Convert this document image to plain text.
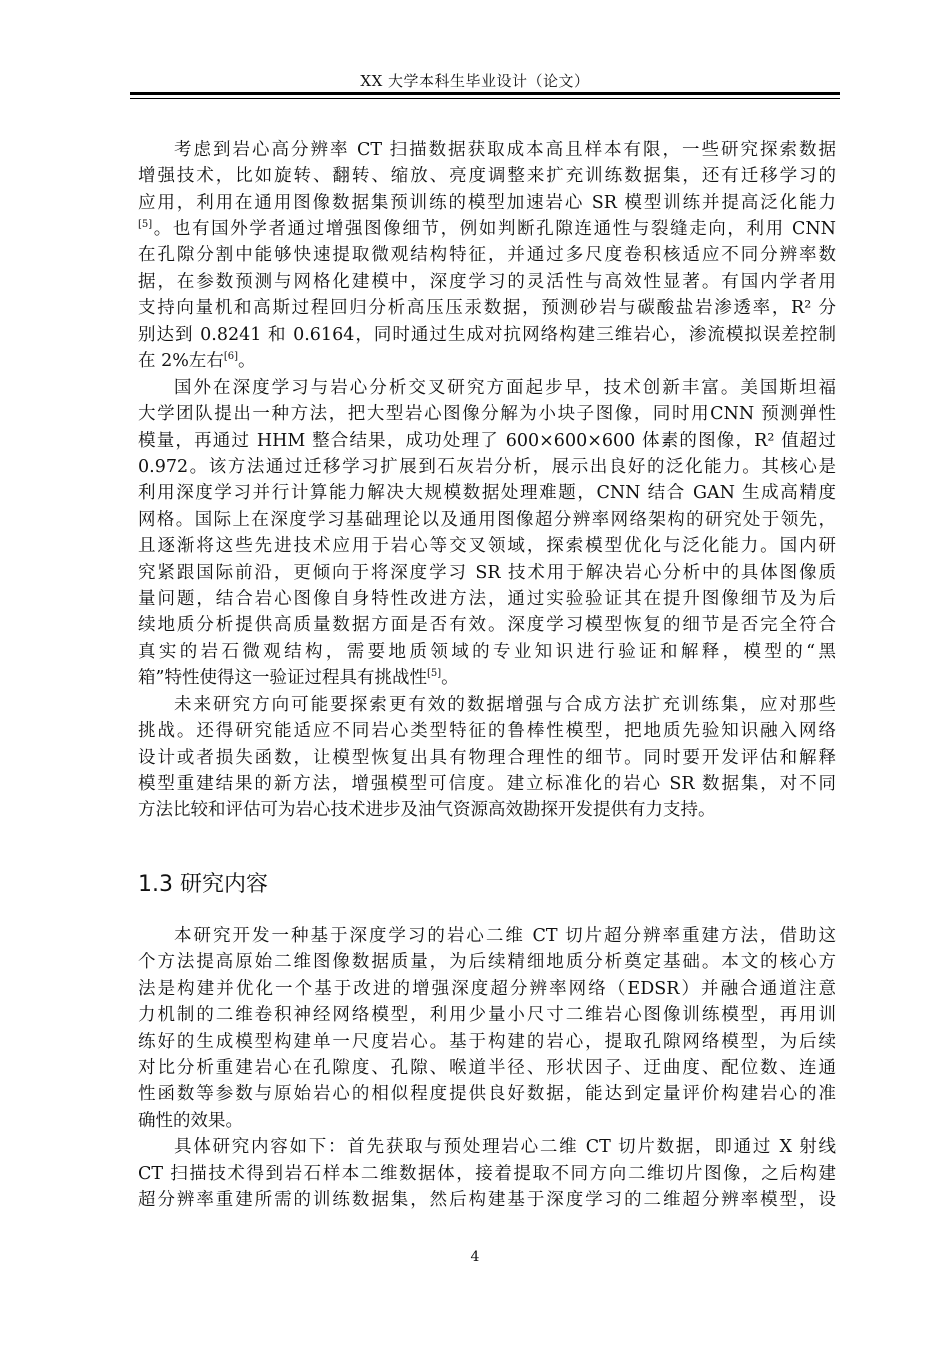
XX 大学本科生毕业设计（论文）
考虑到岩心高分辨率 CT 扫描数据获取成本高且样本有限，一些研究探索数据
增强技术，比如旋转、翻转、缩放、亮度调整来扩充训练数据集，还有迁移学习的
应用，利用在通用图像数据集预训练的模型加速岩心 SR 模型训练并提高泛化能力
[5]。也有国外学者通过增强图像细节，例如判断孔隙连通性与裂缝走向，利用 CNN
在孔隙分割中能够快速提取微观结构特征，并通过多尺度卷积核适应不同分辨率数
据，在参数预测与网格化建模中，深度学习的灵活性与高效性显著。有国内学者用
支持向量机和高斯过程回归分析高压压汞数据，预测砂岩与碳酸盐岩渗透率，R² 分
别达到 0.8241 和 0.6164，同时通过生成对抗网络构建三维岩心，渗流模拟误差控制
在 2%左右[6]。
国外在深度学习与岩心分析交叉研究方面起步早，技术创新丰富。美国斯坦福
大学团队提出一种方法，把大型岩心图像分解为小块子图像，同时用CNN 预测弹性
模量，再通过 HHM 整合结果，成功处理了 600×600×600 体素的图像，R² 值超过
0.972。该方法通过迁移学习扩展到石灰岩分析，展示出良好的泛化能力。其核心是
利用深度学习并行计算能力解决大规模数据处理难题，CNN 结合 GAN 生成高精度
网格。国际上在深度学习基础理论以及通用图像超分辨率网络架构的研究处于领先，
且逐渐将这些先进技术应用于岩心等交叉领域，探索模型优化与泛化能力。国内研
究紧跟国际前沿，更倾向于将深度学习 SR 技术用于解决岩心分析中的具体图像质
量问题，结合岩心图像自身特性改进方法，通过实验验证其在提升图像细节及为后
续地质分析提供高质量数据方面是否有效。深度学习模型恢复的细节是否完全符合
真实的岩石微观结构，需要地质领域的专业知识进行验证和解释，模型的“黑
箱”特性使得这一验证过程具有挑战性[5]。
未来研究方向可能要探索更有效的数据增强与合成方法扩充训练集，应对那些
挑战。还得研究能适应不同岩心类型特征的鲁棒性模型，把地质先验知识融入网络
设计或者损失函数，让模型恢复出具有物理合理性的细节。同时要开发评估和解释
模型重建结果的新方法，增强模型可信度。建立标准化的岩心 SR 数据集，对不同
方法比较和评估可为岩心技术进步及油气资源高效勘探开发提供有力支持。
本研究开发一种基于深度学习的岩心二维 CT 切片超分辨率重建方法，借助这
个方法提高原始二维图像数据质量，为后续精细地质分析奠定基础。本文的核心方
法是构建并优化一个基于改进的增强深度超分辨率网络（EDSR）并融合通道注意
力机制的二维卷积神经网络模型，利用少量小尺寸二维岩心图像训练模型，再用训
练好的生成模型构建单一尺度岩心。基于构建的岩心，提取孔隙网络模型，为后续
对比分析重建岩心在孔隙度、孔隙、喉道半径、形状因子、迂曲度、配位数、连通
性函数等参数与原始岩心的相似程度提供良好数据，能达到定量评价构建岩心的准
确性的效果。
具体研究内容如下：首先获取与预处理岩心二维 CT 切片数据，即通过 X 射线
CT 扫描技术得到岩石样本二维数据体，接着提取不同方向二维切片图像，之后构建
超分辨率重建所需的训练数据集，然后构建基于深度学习的二维超分辨率模型，设
1.3 研究内容
4
